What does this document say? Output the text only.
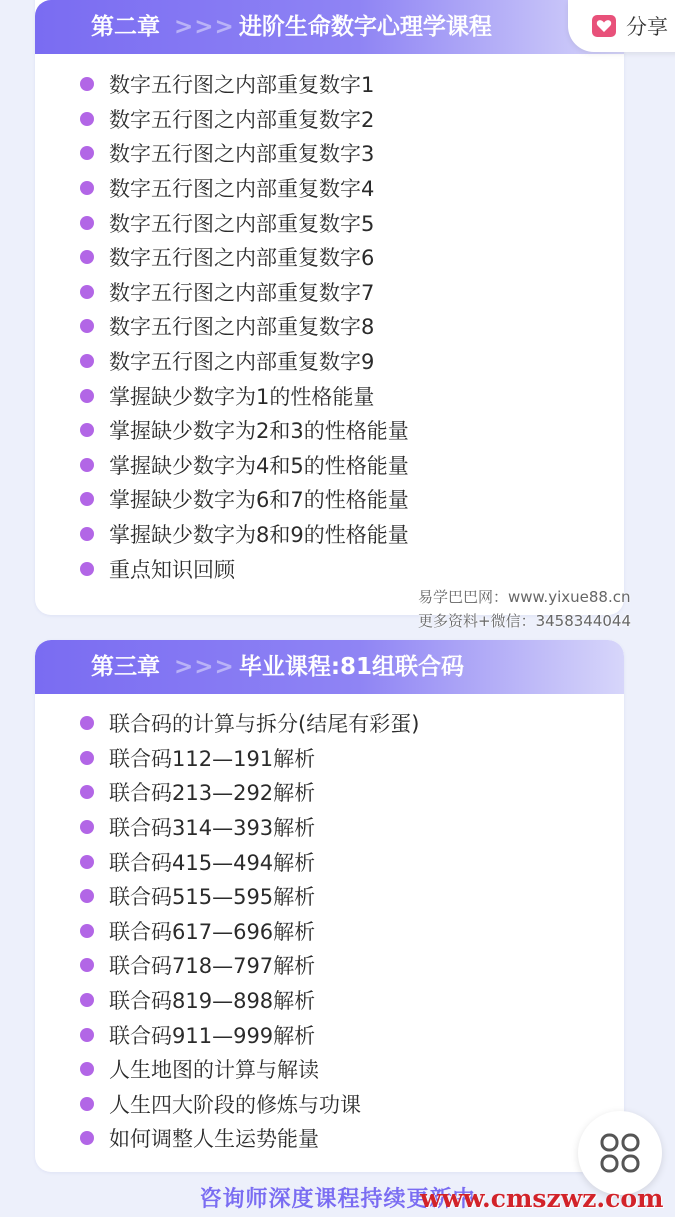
第二章 >>> 进阶生命数字心理学课程
数字五行图之内部重复数字1
数字五行图之内部重复数字2
数字五行图之内部重复数字3
数字五行图之内部重复数字4
数字五行图之内部重复数字5
数字五行图之内部重复数字6
数字五行图之内部重复数字7
数字五行图之内部重复数字8
数字五行图之内部重复数字9
掌握缺少数字为1的性格能量
掌握缺少数字为2和3的性格能量
掌握缺少数字为4和5的性格能量
掌握缺少数字为6和7的性格能量
掌握缺少数字为8和9的性格能量
重点知识回顾
第三章 >>> 毕业课程:81组联合码
联合码的计算与拆分(结尾有彩蛋)
联合码112—191解析
联合码213—292解析
联合码314—393解析
联合码415—494解析
联合码515—595解析
联合码617—696解析
联合码718—797解析
联合码819—898解析
联合码911—999解析
人生地图的计算与解读
人生四大阶段的修炼与功课
如何调整人生运势能量
分享
易学巴巴网：www.yixue88.cn
更多资料+微信：3458344044
咨询师深度课程持续更新中
www.cmszwz.com
